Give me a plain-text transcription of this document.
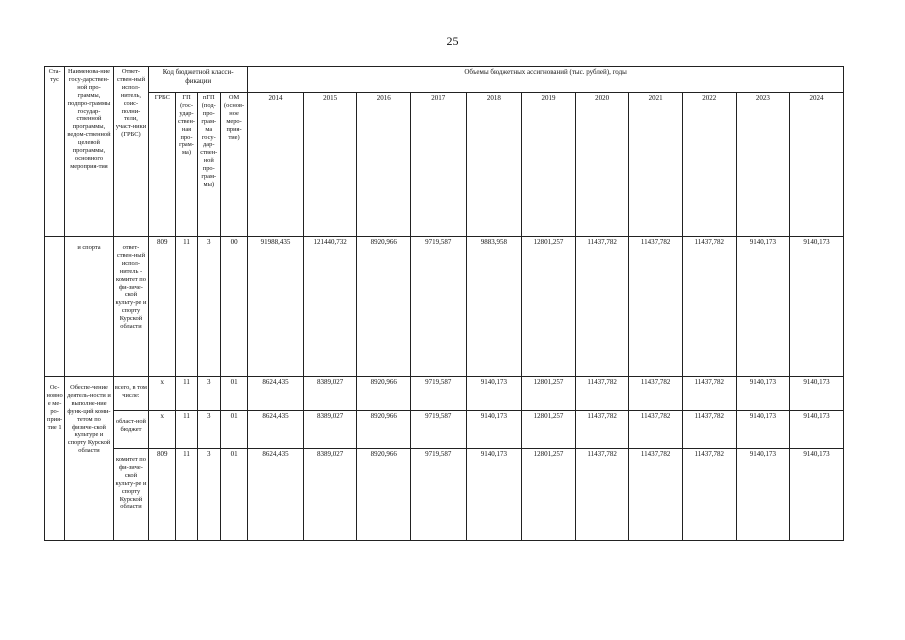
25
Ста-тус	Наименова-ние госу-дарствен-ной про-граммы, подпро-граммы государ-ственной программы, ведом-ственной целевой программы, основного мероприя-тия	Ответ-ствен-ный испол-нитель, соис-полни-тели, участ-ники (ГРБС)	Код бюджетной класси-фикации				Объемы бюджетных ассигнований (тыс. рублей), годы										
			ГРБС	ГП (гос-удар-ствен-ная про-грам-ма)	пГП (под-про-грам-ма госу-дар-ствен-ной про-грам-мы)	ОМ (основ-ное меро-прия-тие)	2014	2015	2016	2017	2018	2019	2020	2021	2022	2023	2024
	и спорта	ответ-ствен-ный испол-нитель - комитет по фи-зиче-ской культу-ре и спорту Курской области	809	11	3	00	91988,435	121440,732	8920,966	9719,587	9883,958	12801,257	11437,782	11437,782	11437,782	9140,173	9140,173
Ос-новное ме-ро-прия-тие 1	Обеспе-чение деятель-ности и выполне-ние функ-ций коми-тетом по физиче-ской культуре и спорту Курской области	всего, в том числе:	х	11	3	01	8624,435	8389,027	8920,966	9719,587	9140,173	12801,257	11437,782	11437,782	11437,782	9140,173	9140,173
		област-ной бюджет	х	11	3	01	8624,435	8389,027	8920,966	9719,587	9140,173	12801,257	11437,782	11437,782	11437,782	9140,173	9140,173
		комитет по фи-зиче-ской культу-ре и спорту Курской области	809	11	3	01	8624,435	8389,027	8920,966	9719,587	9140,173	12801,257	11437,782	11437,782	11437,782	9140,173	9140,173
